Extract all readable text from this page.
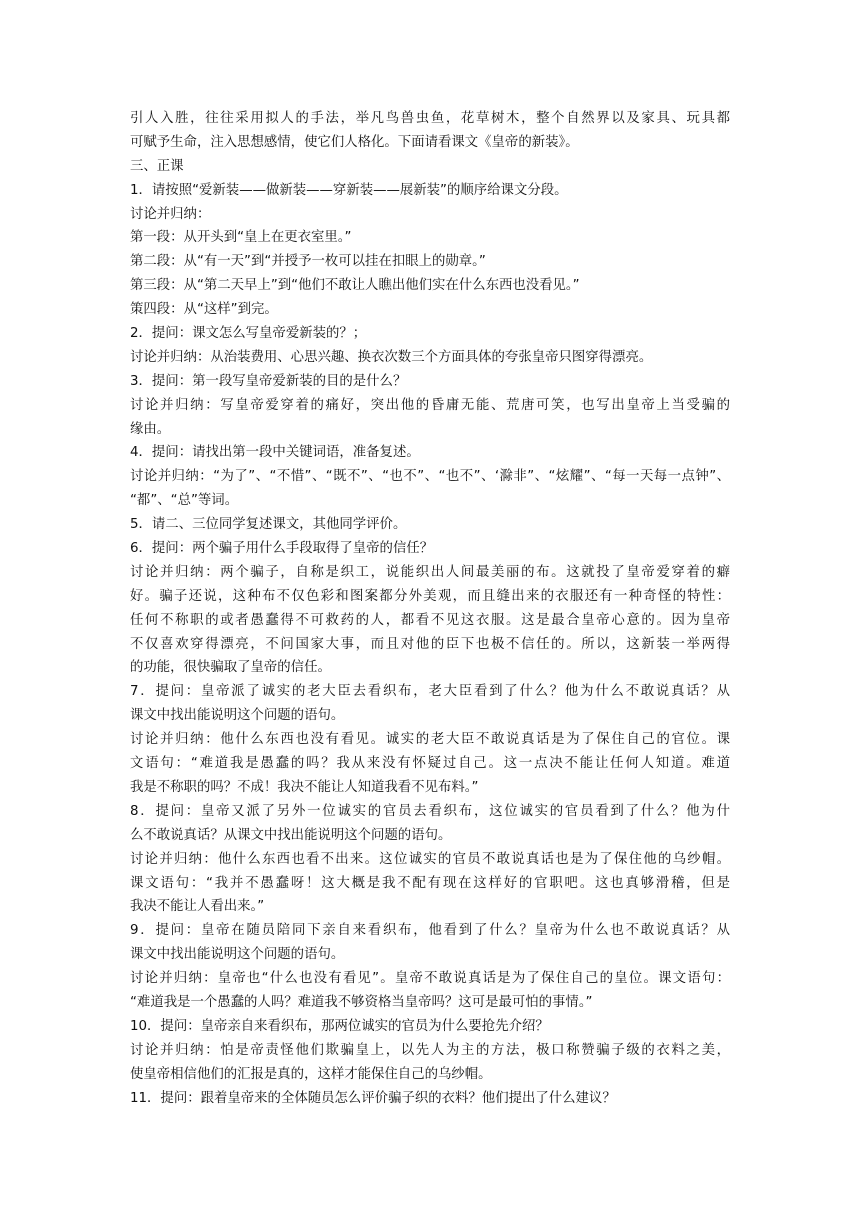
引人入胜，往往采用拟人的手法，举凡鸟兽虫鱼，花草树木，整个自然界以及家具、玩具都
可赋予生命，注入思想感情，使它们人格化。下面请看课文《皇帝的新装》。
三、正课
1．请按照“爱新装——做新装——穿新装——展新装”的顺序给课文分段。
讨论并归纳：
第一段：从开头到“皇上在更衣室里。”
第二段：从“有一天”到“并授予一枚可以挂在扣眼上的勋章。”
第三段：从“第二天早上”到“他们不敢让人瞧出他们实在什么东西也没看见。”
策四段：从“这样”到完。
2．提问：课文怎么写皇帝爱新装的？；
讨论并归纳：从治装费用、心思兴趣、换衣次数三个方面具体的夸张皇帝只图穿得漂亮。
3．提问：第一段写皇帝爱新装的目的是什么？
讨论并归纳：写皇帝爱穿着的痛好，突出他的昏庸无能、荒唐可笑，也写出皇帝上当受骗的
缘由。
4．提问：请找出第一段中关键词语，准备复述。
讨论并归纳：“为了”、“不惜”、“既不”、“也不”、“也不”、‘滁非”、“炫耀”、“每一天每一点钟”、
“都”、“总”等词。
5．请二、三位同学复述课文，其他同学评价。
6．提问：两个骗子用什么手段取得了皇帝的信任？
讨论并归纳：两个骗子，自称是织工，说能织出人间最美丽的布。这就投了皇帝爱穿着的癖
好。骗子还说，这种布不仅色彩和图案都分外美观，而且缝出来的衣服还有一种奇怪的特性：
任何不称职的或者愚蠢得不可救药的人，都看不见这衣服。这是最合皇帝心意的。因为皇帝
不仅喜欢穿得漂亮，不问国家大事，而且对他的臣下也极不信任的。所以，这新装一举两得
的功能，很快骗取了皇帝的信任。
7．提问：皇帝派了诚实的老大臣去看织布，老大臣看到了什么？他为什么不敢说真话？从
课文中找出能说明这个问题的语句。
讨论并归纳：他什么东西也没有看见。诚实的老大臣不敢说真话是为了保住自己的官位。课
文语句：“难道我是愚蠢的吗？我从来没有怀疑过自己。这一点决不能让任何人知道。难道
我是不称职的吗？不成！我决不能让人知道我看不见布料。”
8．提问：皇帝又派了另外一位诚实的官员去看织布，这位诚实的官员看到了什么？他为什
么不敢说真话？从课文中找出能说明这个问题的语句。
讨论并归纳：他什么东西也看不出来。这位诚实的官员不敢说真话也是为了保住他的乌纱帽。
课文语句：“我并不愚蠢呀！这大概是我不配有现在这样好的官职吧。这也真够滑稽，但是
我决不能让人看出来。”
9．提问：皇帝在随员陪同下亲自来看织布，他看到了什么？皇帝为什么也不敢说真话？从
课文中找出能说明这个问题的语句。
讨论并归纳：皇帝也“什么也没有看见”。皇帝不敢说真话是为了保住自己的皇位。课文语句：
“难道我是一个愚蠢的人吗？难道我不够资格当皇帝吗？这可是最可怕的事情。”
10．提问：皇帝亲自来看织布，那两位诚实的官员为什么要抢先介绍？
讨论并归纳：怕是帝责怪他们欺骗皇上，以先人为主的方法，极口称赞骗子级的衣料之美，
使皇帝相信他们的汇报是真的，这样才能保住自己的乌纱帽。
11．提问：跟着皇帝来的全体随员怎么评价骗子织的衣料？他们提出了什么建议？
